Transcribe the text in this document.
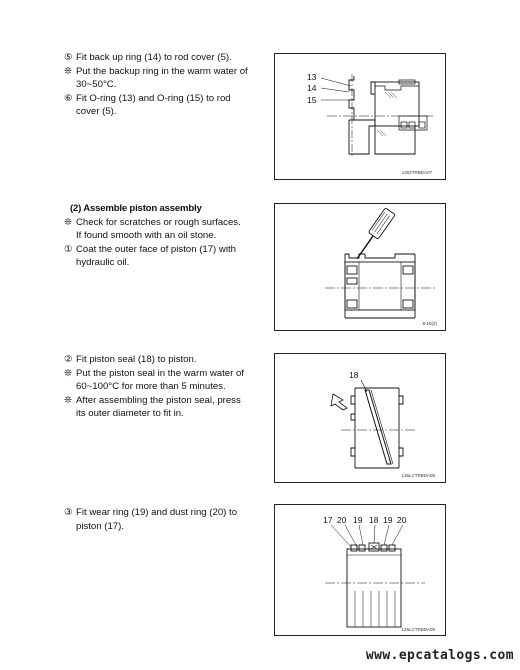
⑤ Fit back up ring (14) to rod cover (5).
❊ Put the backup ring in the warm water of
30~50°C.
⑥ Fit O-ring (13) and O-ring (15) to rod
cover (5).
13
14
15
1302TRBDA07
(2) Assemble piston assembly
❊ Check for scratches or rough surfaces.
If found smooth with an oil stone.
① Coat the outer face of piston (17) with
hydraulic oil.
8-15(2)
② Fit piston seal (18) to piston.
❊ Put the piston seal in the warm water of
60~100°C for more than 5 minutes.
❊ After assembling the piston seal, press
its outer diameter to fit in.
18
125LCTRBDA08
③ Fit wear ring (19) and dust ring (20) to
piston (17).
17 20 19 18 19 20
125LCTRBDA09
www.epcatalogs.com
